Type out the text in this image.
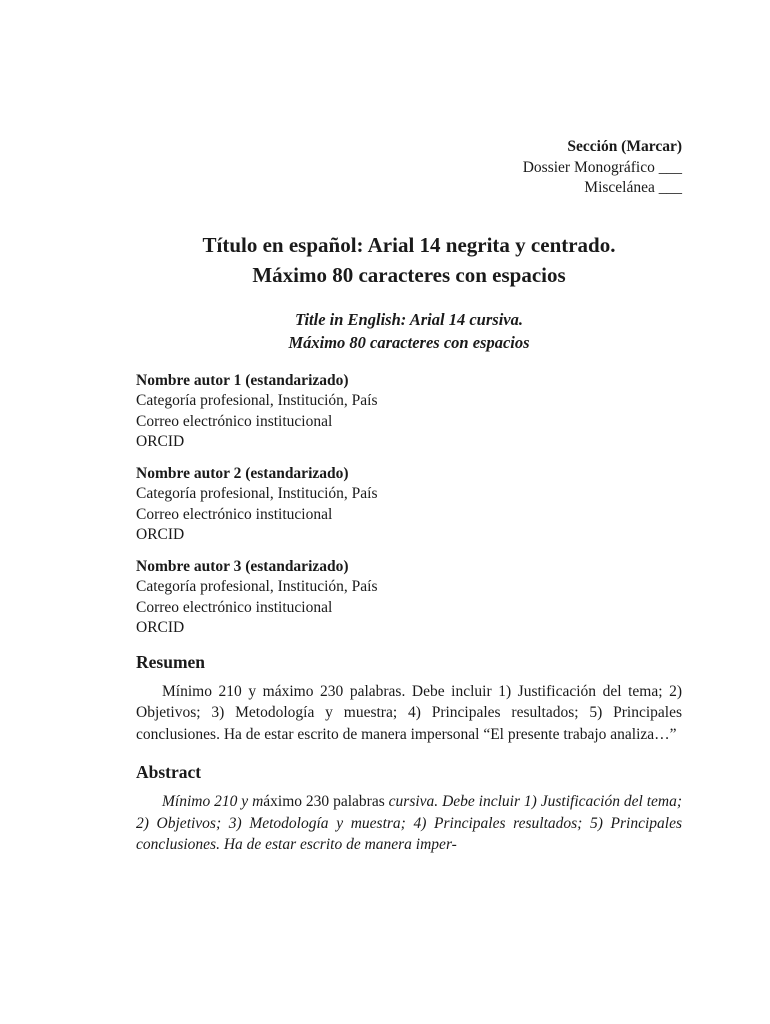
Sección (Marcar)
Dossier Monográfico ___
Miscelánea ___
Título en español: Arial 14 negrita y centrado.
Máximo 80 caracteres con espacios
Title in English: Arial 14 cursiva.
Máximo 80 caracteres con espacios
Nombre autor 1 (estandarizado)
Categoría profesional, Institución, País
Correo electrónico institucional
ORCID
Nombre autor 2 (estandarizado)
Categoría profesional, Institución, País
Correo electrónico institucional
ORCID
Nombre autor 3 (estandarizado)
Categoría profesional, Institución, País
Correo electrónico institucional
ORCID
Resumen
Mínimo 210 y máximo 230 palabras. Debe incluir 1) Justificación del tema; 2) Objetivos; 3) Metodología y muestra; 4) Principales resultados; 5) Principales conclusiones. Ha de estar escrito de manera impersonal “El presente trabajo analiza…”
Abstract
Mínimo 210 y máximo 230 palabras cursiva. Debe incluir 1) Justificación del tema; 2) Objetivos; 3) Metodología y muestra; 4) Principales resultados; 5) Principales conclusiones. Ha de estar escrito de manera imper-
